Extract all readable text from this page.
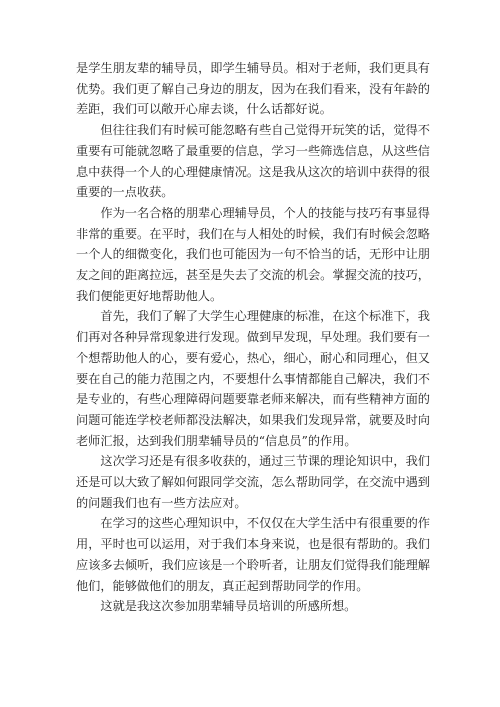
是学生朋友辈的辅导员，即学生辅导员。相对于老师，我们更具有优势。我们更了解自己身边的朋友，因为在我们看来，没有年龄的差距，我们可以敞开心扉去谈，什么话都好说。

但往往我们有时候可能忽略有些自己觉得开玩笑的话，觉得不重要有可能就忽略了最重要的信息，学习一些筛选信息，从这些信息中获得一个人的心理健康情况。这是我从这次的培训中获得的很重要的一点收获。

作为一名合格的朋辈心理辅导员，个人的技能与技巧有事显得非常的重要。在平时，我们在与人相处的时候，我们有时候会忽略一个人的细微变化，我们也可能因为一句不恰当的话，无形中让朋友之间的距离拉远，甚至是失去了交流的机会。掌握交流的技巧，我们便能更好地帮助他人。

首先，我们了解了大学生心理健康的标准，在这个标准下，我们再对各种异常现象进行发现。做到早发现，早处理。我们要有一个想帮助他人的心，要有爱心，热心，细心，耐心和同理心，但又要在自己的能力范围之内，不要想什么事情都能自己解决，我们不是专业的，有些心理障碍问题要靠老师来解决，而有些精神方面的问题可能连学校老师都没法解决，如果我们发现异常，就要及时向老师汇报，达到我们朋辈辅导员的“信息员”的作用。

这次学习还是有很多收获的，通过三节课的理论知识中，我们还是可以大致了解如何跟同学交流，怎么帮助同学，在交流中遇到的问题我们也有一些方法应对。

在学习的这些心理知识中，不仅仅在大学生活中有很重要的作用，平时也可以运用，对于我们本身来说，也是很有帮助的。我们应该多去倾听，我们应该是一个聆听者，让朋友们觉得我们能理解他们，能够做他们的朋友，真正起到帮助同学的作用。

这就是我这次参加朋辈辅导员培训的所感所想。
